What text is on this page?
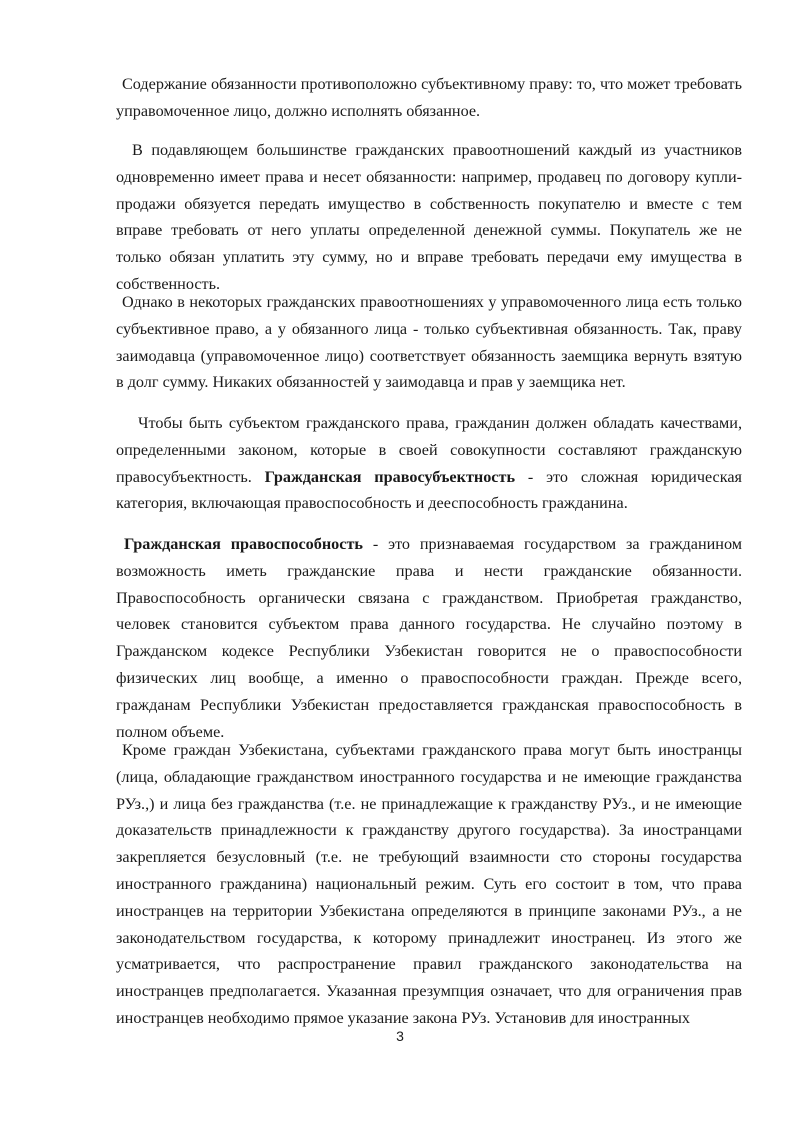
Содержание обязанности противоположно субъективному праву: то, что может требовать управомоченное лицо, должно исполнять обязанное.

В подавляющем большинстве гражданских правоотношений каждый из участников одновременно имеет права и несет обязанности: например, продавец по договору купли-продажи обязуется передать имущество в собственность покупателю и вместе с тем вправе требовать от него уплаты определенной денежной суммы. Покупатель же не только обязан уплатить эту сумму, но и вправе требовать передачи ему имущества в собственность.

Однако в некоторых гражданских правоотношениях у управомоченного лица есть только субъективное право, а у обязанного лица - только субъективная обязанность. Так, праву заимодавца (управомоченное лицо) соответствует обязанность заемщика вернуть взятую в долг сумму. Никаких обязанностей у заимодавца и прав у заемщика нет.

Чтобы быть субъектом гражданского права, гражданин должен обладать качествами, определенными законом, которые в своей совокупности составляют гражданскую правосубъектность. Гражданская правосубъектность - это сложная юридическая категория, включающая правоспособность и дееспособность гражданина.

Гражданская правоспособность - это признаваемая государством за гражданином возможность иметь гражданские права и нести гражданские обязанности. Правоспособность органически связана с гражданством. Приобретая гражданство, человек становится субъектом права данного государства. Не случайно поэтому в Гражданском кодексе Республики Узбекистан говорится не о правоспособности физических лиц вообще, а именно о правоспособности граждан. Прежде всего, гражданам Республики Узбекистан предоставляется гражданская правоспособность в полном объеме.

Кроме граждан Узбекистана, субъектами гражданского права могут быть иностранцы (лица, обладающие гражданством иностранного государства и не имеющие гражданства РУз.,) и лица без гражданства (т.е. не принадлежащие к гражданству РУз., и не имеющие доказательств принадлежности к гражданству другого государства). За иностранцами закрепляется безусловный (т.е. не требующий взаимности сто стороны государства иностранного гражданина) национальный режим. Суть его состоит в том, что права иностранцев на территории Узбекистана определяются в принципе законами РУз., а не законодательством государства, к которому принадлежит иностранец. Из этого же усматривается, что распространение правил гражданского законодательства на иностранцев предполагается. Указанная презумпция означает, что для ограничения прав иностранцев необходимо прямое указание закона РУз. Установив для иностранных

3
